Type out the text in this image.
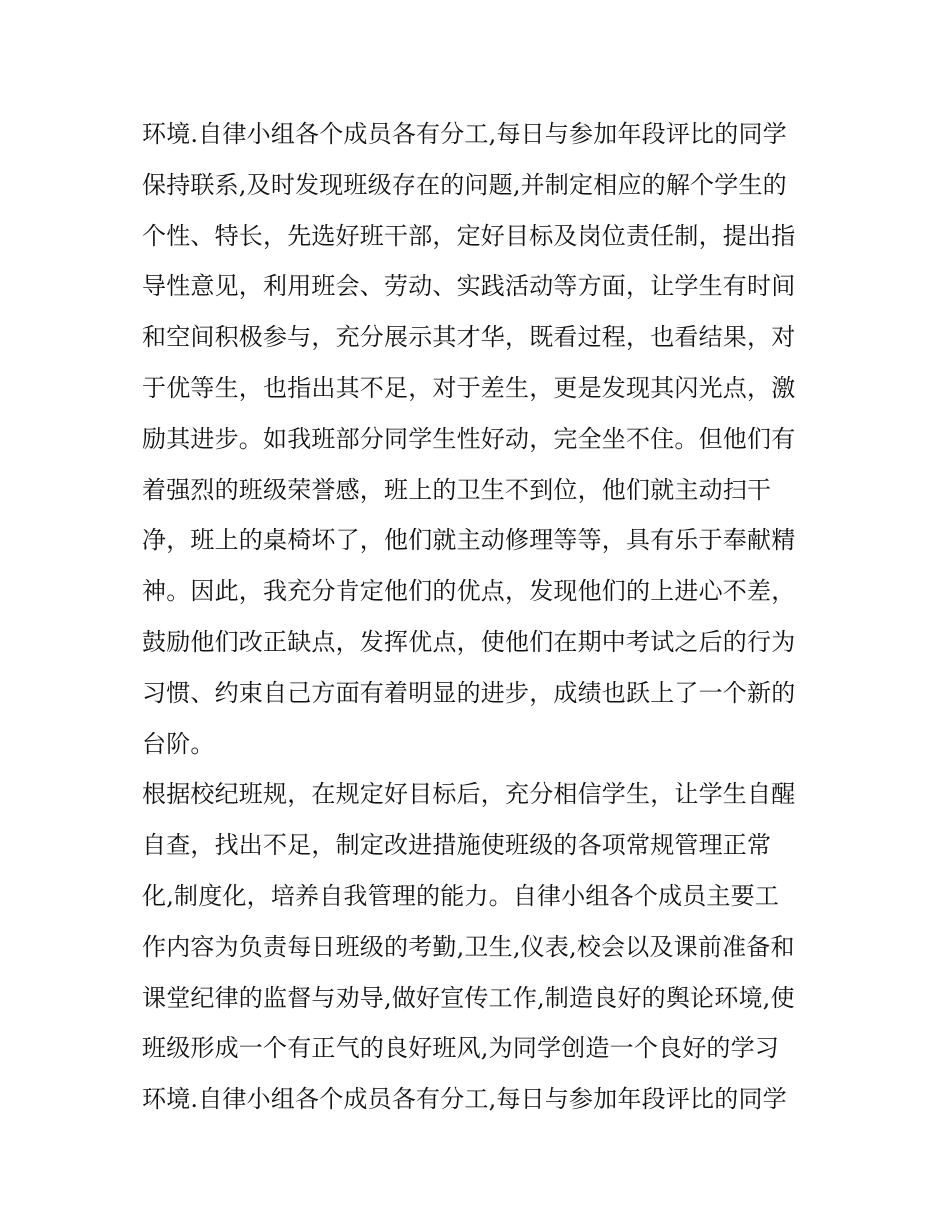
环境.自律小组各个成员各有分工,每日与参加年段评比的同学
保持联系,及时发现班级存在的问题,并制定相应的解个学生的
个性、特长，先选好班干部，定好目标及岗位责任制，提出指
导性意见，利用班会、劳动、实践活动等方面，让学生有时间
和空间积极参与，充分展示其才华，既看过程，也看结果，对
于优等生，也指出其不足，对于差生，更是发现其闪光点，激
励其进步。如我班部分同学生性好动，完全坐不住。但他们有
着强烈的班级荣誉感，班上的卫生不到位，他们就主动扫干
净，班上的桌椅坏了，他们就主动修理等等，具有乐于奉献精
神。因此，我充分肯定他们的优点，发现他们的上进心不差，
鼓励他们改正缺点，发挥优点，使他们在期中考试之后的行为
习惯、约束自己方面有着明显的进步，成绩也跃上了一个新的
台阶。
根据校纪班规，在规定好目标后，充分相信学生，让学生自醒
自查，找出不足，制定改进措施使班级的各项常规管理正常
化,制度化，培养自我管理的能力。自律小组各个成员主要工
作内容为负责每日班级的考勤,卫生,仪表,校会以及课前准备和
课堂纪律的监督与劝导,做好宣传工作,制造良好的舆论环境,使
班级形成一个有正气的良好班风,为同学创造一个良好的学习
环境.自律小组各个成员各有分工,每日与参加年段评比的同学
